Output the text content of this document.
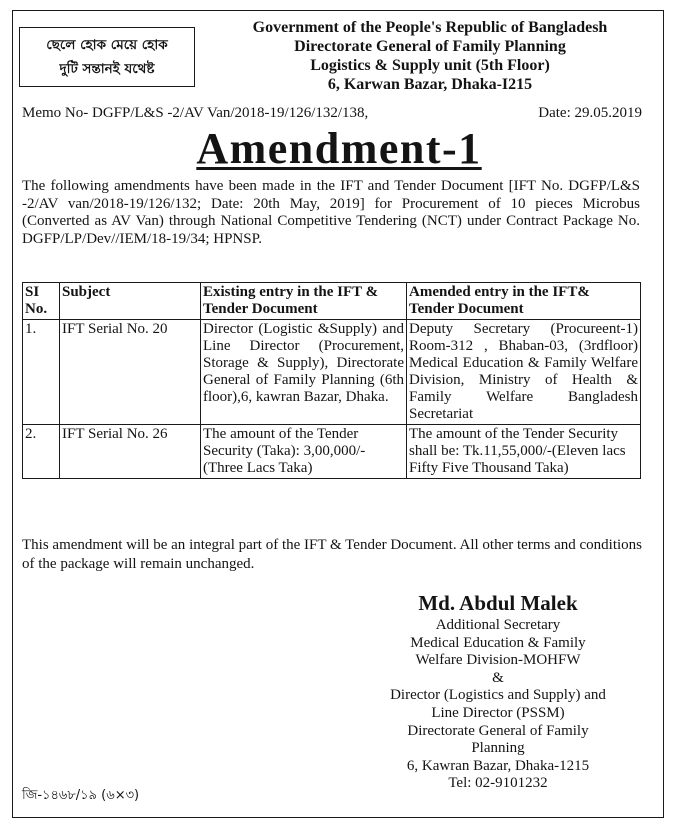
ছেলে হোক মেয়ে হোক
দুটি সন্তানই যথেষ্ট
Government of the People's Republic of Bangladesh
Directorate General of Family Planning
Logistics & Supply unit (5th Floor)
6, Karwan Bazar, Dhaka-I215
Memo No- DGFP/L&S -2/AV Van/2018-19/126/132/138,	Date: 29.05.2019
Amendment-1
The following amendments have been made in the IFT and Tender Document [IFT No. DGFP/L&S -2/AV van/2018-19/126/132; Date: 20th May, 2019] for Procurement of 10 pieces Microbus (Converted as AV Van) through National Competitive Tendering (NCT) under Contract Package No. DGFP/LP/Dev//IEM/18-19/34; HPNSP.
SI No.	Subject	Existing entry in the IFT & Tender Document	Amended entry in the IFT& Tender Document
1.	IFT Serial No. 20	Director (Logistic &Supply) and Line Director (Procurement, Storage & Supply), Directorate General of Family Planning (6th floor),6, kawran Bazar, Dhaka.	Deputy Secretary (Procureent-1) Room-312 , Bhaban-03, (3rdfloor) Medical Education & Family Welfare Division, Ministry of Health & Family Welfare Bangladesh Secretariat
2.	IFT Serial No. 26	The amount of the Tender Security (Taka): 3,00,000/-(Three Lacs Taka)	The amount of the Tender Security shall be: Tk.11,55,000/-(Eleven lacs Fifty Five Thousand Taka)
This amendment will be an integral part of the IFT & Tender Document. All other terms and conditions of the package will remain unchanged.
Md. Abdul Malek
Additional Secretary
Medical Education & Family
Welfare Division-MOHFW
&
Director (Logistics and Supply) and
Line Director (PSSM)
Directorate General of Family
Planning
6, Kawran Bazar, Dhaka-1215
Tel: 02-9101232
জি-১৪৬৮/১৯ (৬×৩)
